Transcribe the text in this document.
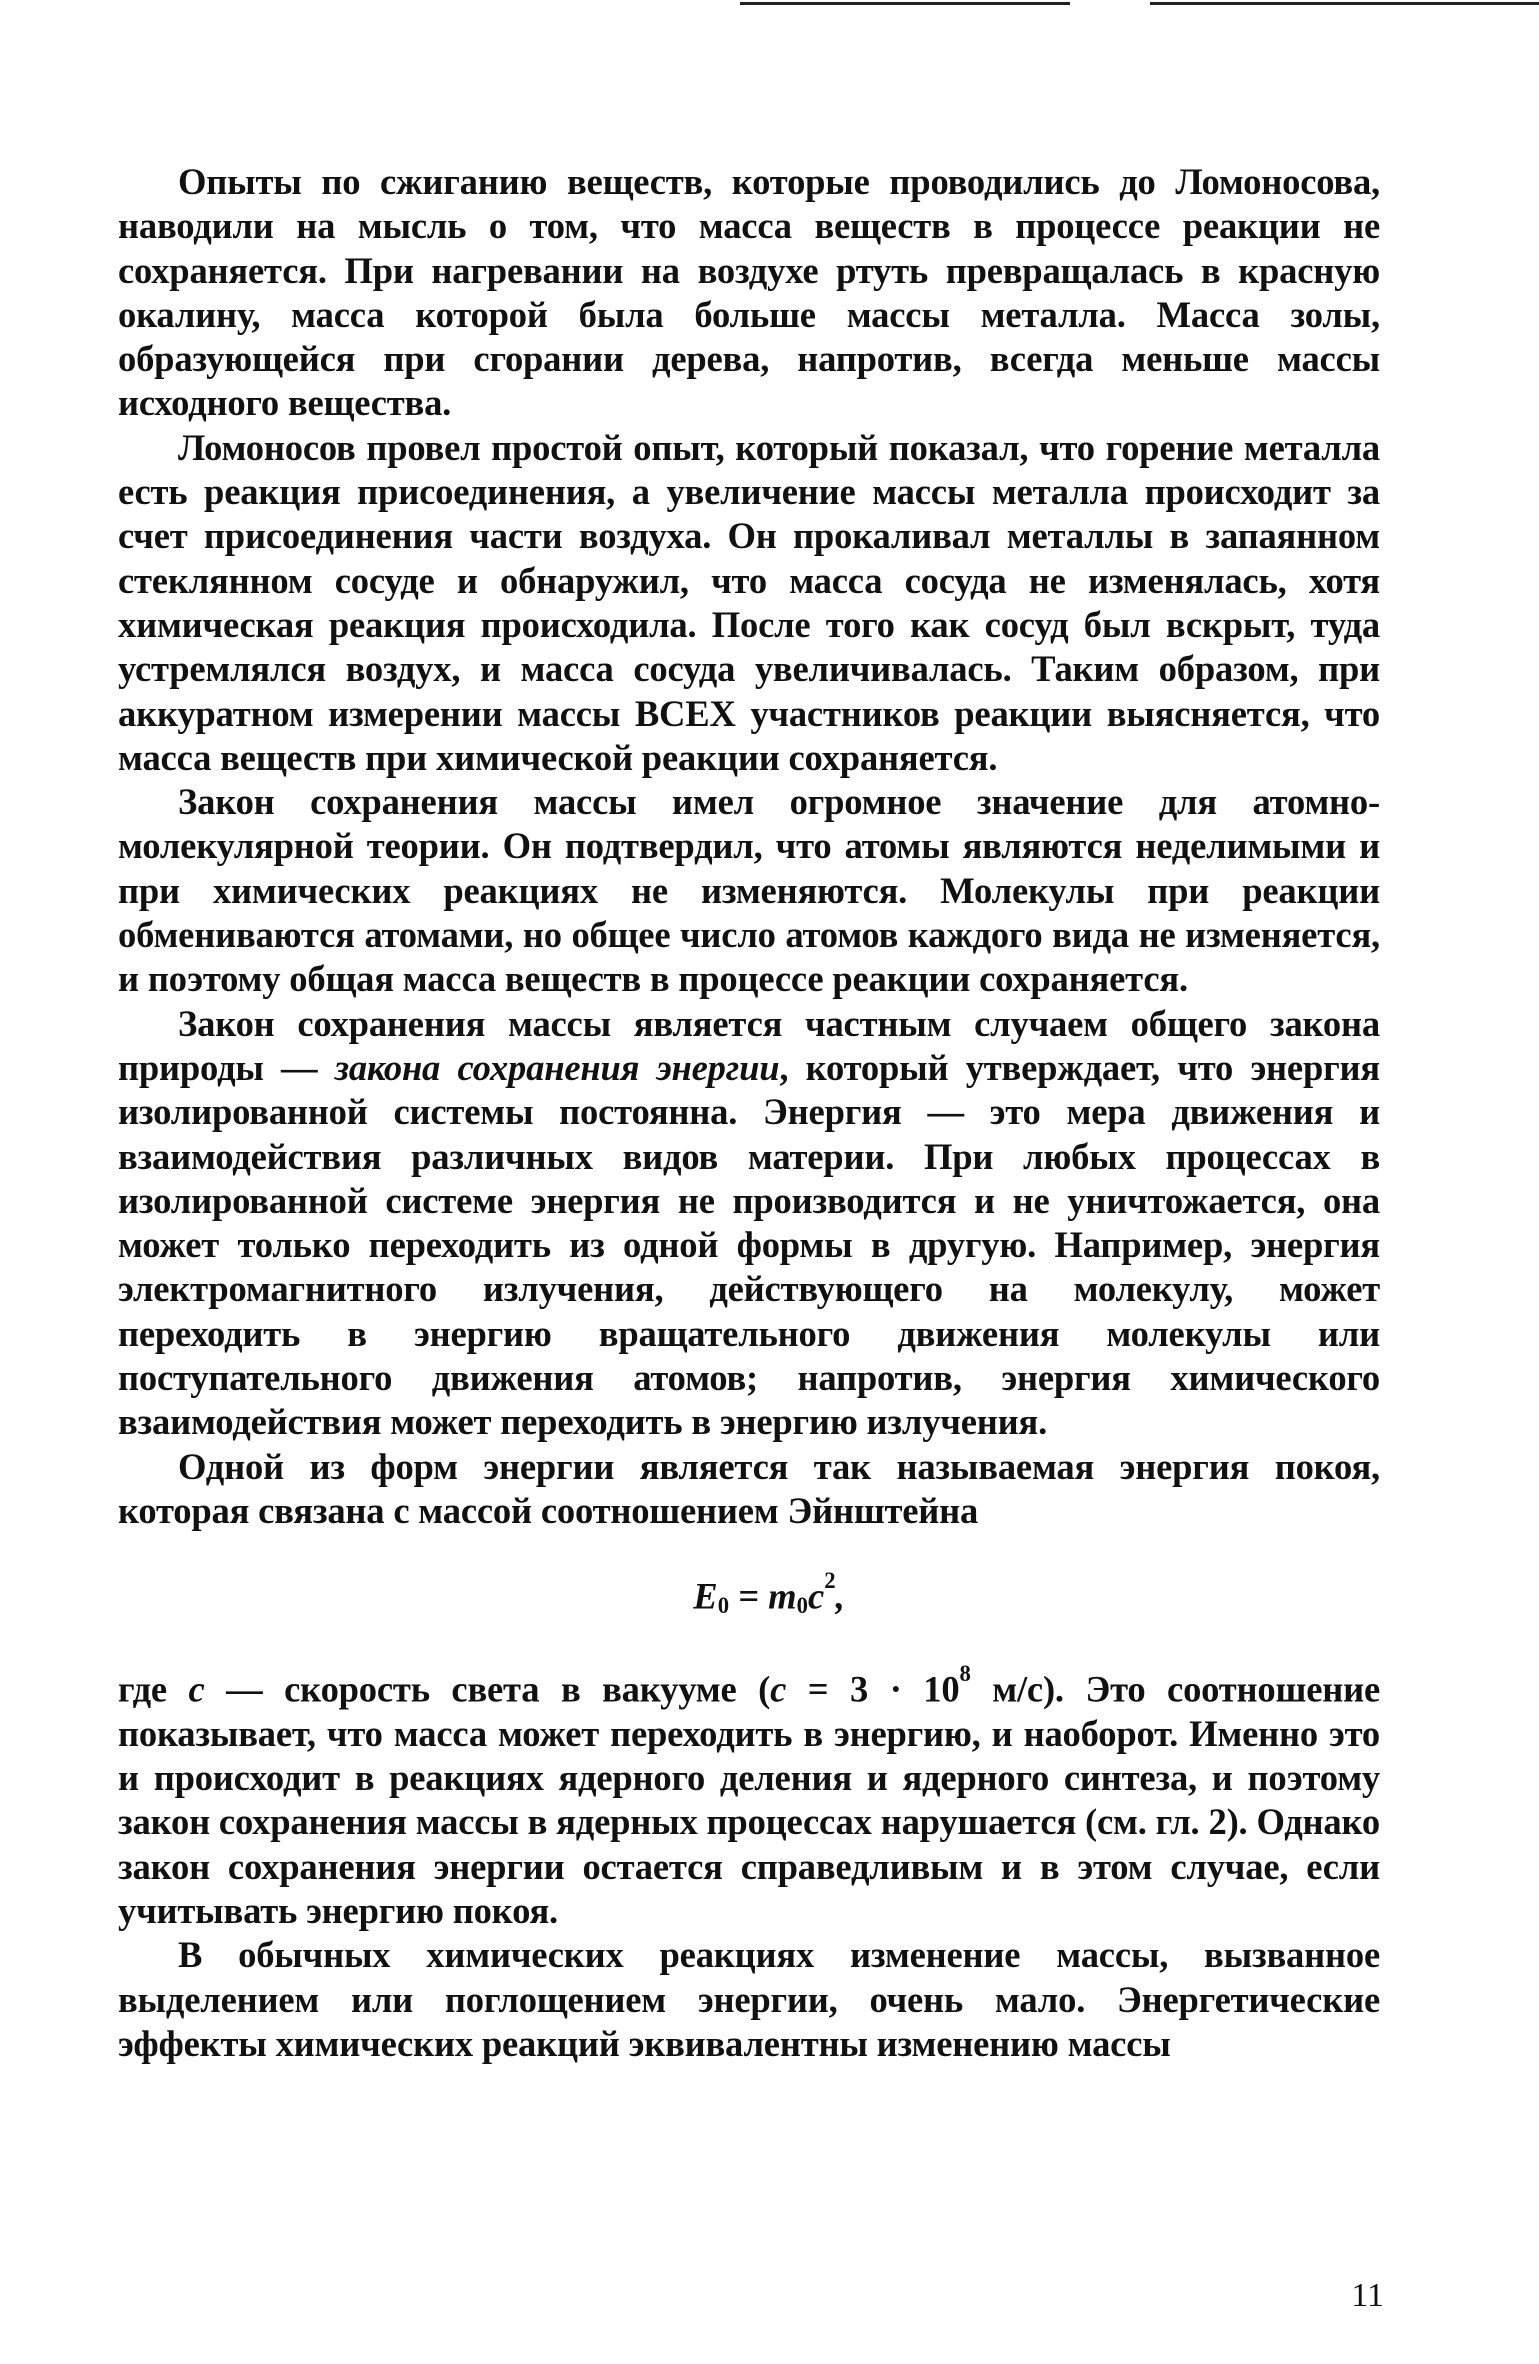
Опыты по сжиганию веществ, которые проводились до Ломоносова, наводили на мысль о том, что масса веществ в процессе реакции не сохраняется. При нагревании на воздухе ртуть превращалась в красную окалину, масса которой была больше массы металла. Масса золы, образующейся при сгорании дерева, напротив, всегда меньше массы исходного вещества.

Ломоносов провел простой опыт, который показал, что горение металла есть реакция присоединения, а увеличение массы металла происходит за счет присоединения части воздуха. Он прокаливал металлы в запаянном стеклянном сосуде и обнаружил, что масса сосуда не изменялась, хотя химическая реакция происходила. После того как сосуд был вскрыт, туда устремлялся воздух, и масса сосуда увеличивалась. Таким образом, при аккуратном измерении массы ВСЕХ участников реакции выясняется, что масса веществ при химической реакции сохраняется.

Закон сохранения массы имел огромное значение для атомно-молекулярной теории. Он подтвердил, что атомы являются неделимыми и при химических реакциях не изменяются. Молекулы при реакции обмениваются атомами, но общее число атомов каждого вида не изменяется, и поэтому общая масса веществ в процессе реакции сохраняется.

Закон сохранения массы является частным случаем общего закона природы — закона сохранения энергии, который утверждает, что энергия изолированной системы постоянна. Энергия — это мера движения и взаимодействия различных видов материи. При любых процессах в изолированной системе энергия не производится и не уничтожается, она может только переходить из одной формы в другую. Например, энергия электромагнитного излучения, действующего на молекулу, может переходить в энергию вращательного движения молекулы или поступательного движения атомов; напротив, энергия химического взаимодействия может переходить в энергию излучения.

Одной из форм энергии является так называемая энергия покоя, которая связана с массой соотношением Эйнштейна

$E_0 = m_0c^2$,

где c — скорость света в вакууме ($c = 3 \cdot 10^8$ м/с). Это соотношение показывает, что масса может переходить в энергию, и наоборот. Именно это и происходит в реакциях ядерного деления и ядерного синтеза, и поэтому закон сохранения массы в ядерных процессах нарушается (см. гл. 2). Однако закон сохранения энергии остается справедливым и в этом случае, если учитывать энергию покоя.

В обычных химических реакциях изменение массы, вызванное выделением или поглощением энергии, очень мало. Энергетические эффекты химических реакций эквивалентны изменению массы

11
